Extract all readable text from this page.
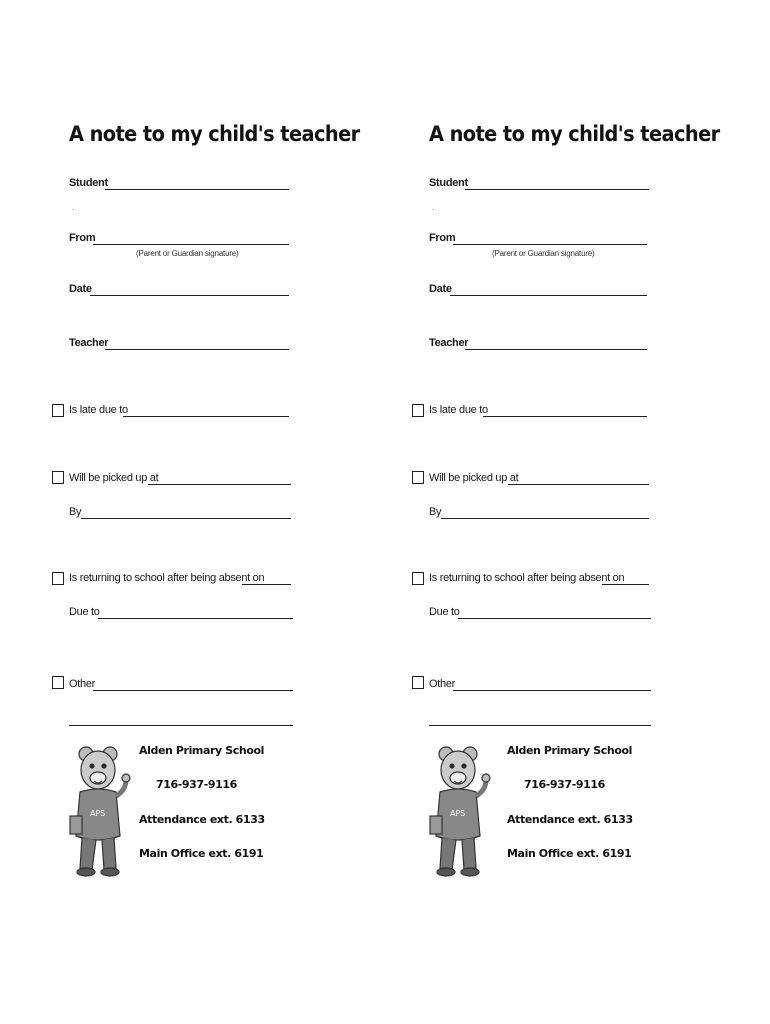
A note to my child's teacher
Student
·
From
(Parent or Guardian signature)
Date
Teacher
Is late due to
Will be picked up at
By
Is returning to school after being absent on
Due to
Other
APS
Alden Primary School
716-937-9116
Attendance ext. 6133
Main Office ext. 6191
A note to my child's teacher
Student
·
From
(Parent or Guardian signature)
Date
Teacher
Is late due to
Will be picked up at
By
Is returning to school after being absent on
Due to
Other
APS
Alden Primary School
716-937-9116
Attendance ext. 6133
Main Office ext. 6191
